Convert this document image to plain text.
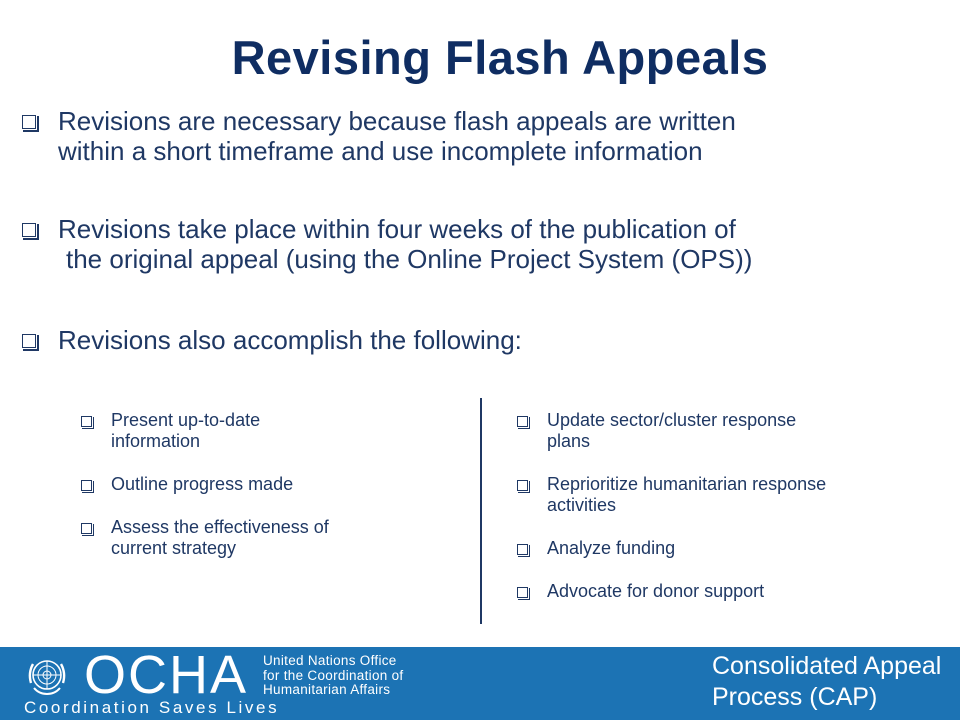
Revising Flash Appeals
Revisions are necessary because flash appeals are written
within a short timeframe and use incomplete information
Revisions take place within four weeks of the publication of
the original appeal (using the Online Project System (OPS))
Revisions also accomplish the following:
Present up-to-date
information
Outline progress made
Assess the effectiveness of
current strategy
Update sector/cluster response
plans
Reprioritize humanitarian response
activities
Analyze funding
Advocate for donor support
OCHA United Nations Office
for the Coordination of
Humanitarian Affairs
Coordination Saves Lives
Consolidated Appeal
Process (CAP)
